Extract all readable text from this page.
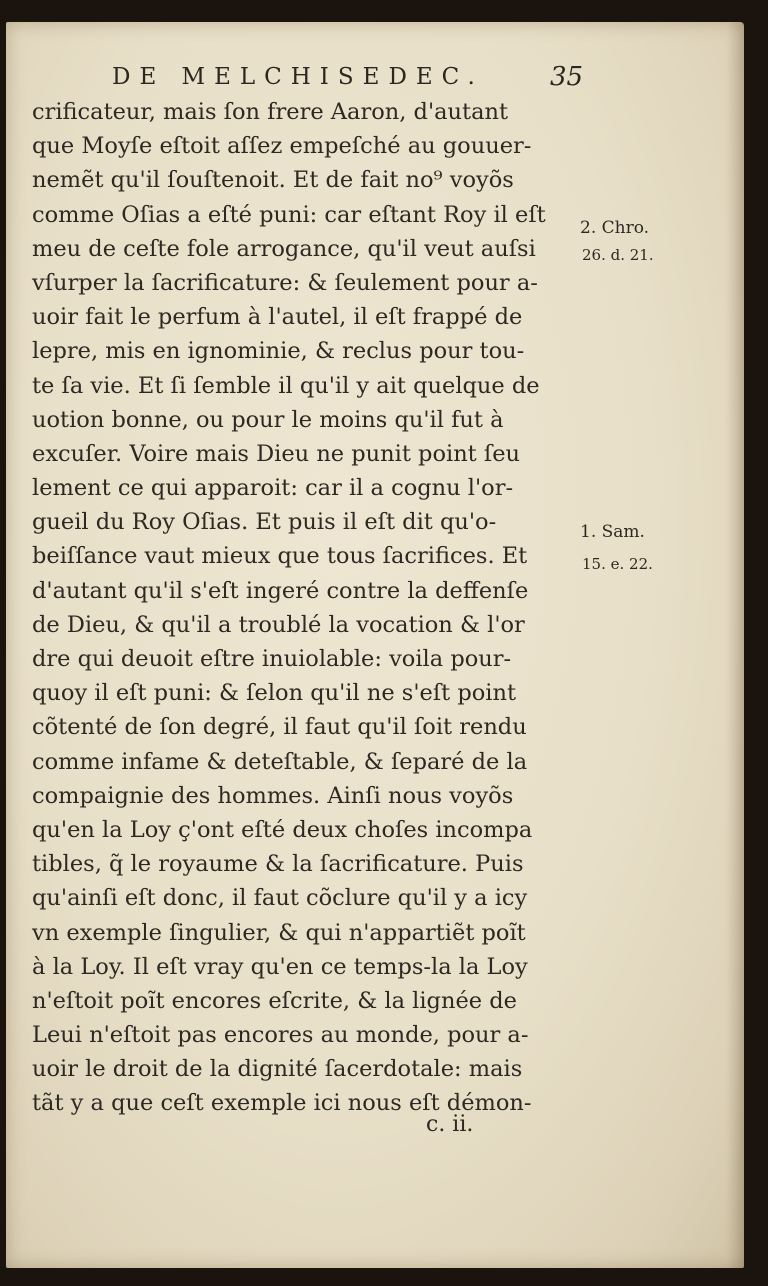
DE MELCHISEDEC.	35
crificateur, mais ſon frere Aaron, d'autant
que Moyſe eſtoit aſſez empeſché au gouuer-
nemẽt qu'il ſouſtenoit. Et de fait no⁹ voyõs
comme Oſias a eſté puni: car eſtant Roy il eſt
meu de ceſte fole arrogance, qu'il veut auſsi
vſurper la ſacrificature: & ſeulement pour a-
uoir fait le perfum à l'autel, il eſt frappé de
lepre, mis en ignominie, & reclus pour tou-
te ſa vie. Et ſi ſemble il qu'il y ait quelque de
uotion bonne, ou pour le moins qu'il fut à
excuſer. Voire mais Dieu ne punit point ſeu
lement ce qui apparoit: car il a cognu l'or-
gueil du Roy Oſias. Et puis il eſt dit qu'o-
beiſſance vaut mieux que tous ſacrifices. Et
d'autant qu'il s'eſt ingeré contre la deffenſe
de Dieu, & qu'il a troublé la vocation & l'or
dre qui deuoit eſtre inuiolable: voila pour-
quoy il eſt puni: & ſelon qu'il ne s'eſt point
cõtenté de ſon degré, il faut qu'il ſoit rendu
comme infame & deteſtable, & ſeparé de la
compaignie des hommes. Ainſi nous voyõs
qu'en la Loy ç'ont eſté deux choſes incompa
tibles, q̃ le royaume & la ſacrificature. Puis
qu'ainſi eſt donc, il faut cõclure qu'il y a icy
vn exemple ſingulier, & qui n'appartiẽt poĩt
à la Loy. Il eſt vray qu'en ce temps-la la Loy
n'eſtoit poĩt encores eſcrite, & la lignée de
Leui n'eſtoit pas encores au monde, pour a-
uoir le droit de la dignité ſacerdotale: mais
tãt y a que ceſt exemple ici nous eſt démon-
2. Chro.
26. d. 21.
1. Sam.
15. e. 22.
c. ii.
